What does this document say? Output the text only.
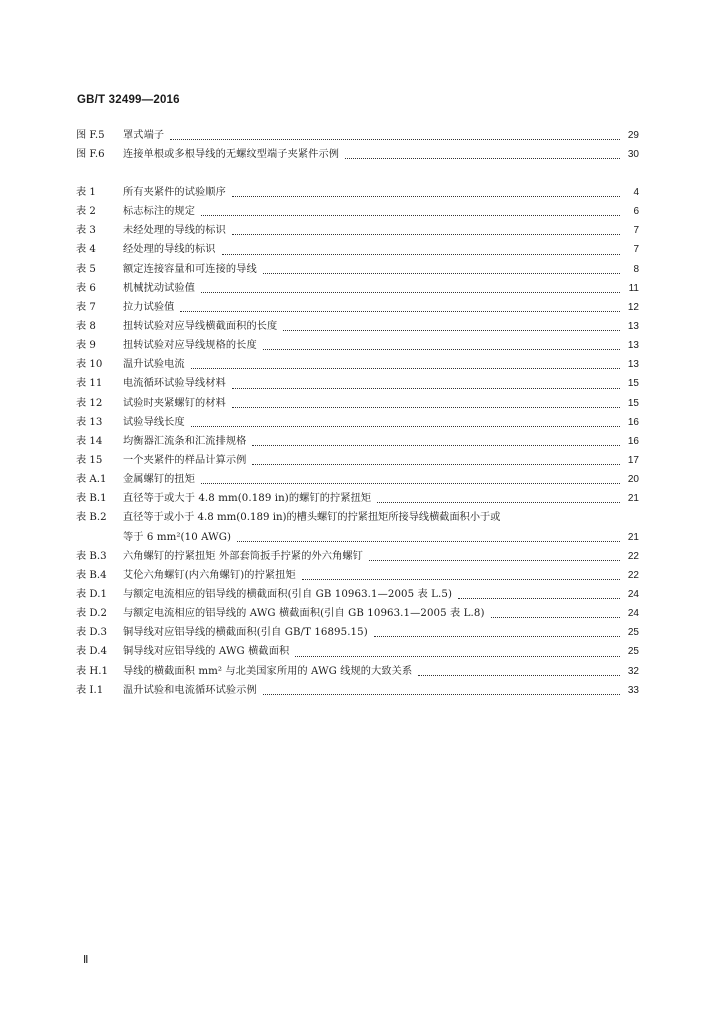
GB/T 32499—2016
图 F.5	罩式端子	29
图 F.6	连接单根或多根导线的无螺纹型端子夹紧件示例	30
表 1	所有夹紧件的试验顺序	4
表 2	标志标注的规定	6
表 3	未经处理的导线的标识	7
表 4	经处理的导线的标识	7
表 5	额定连接容量和可连接的导线	8
表 6	机械扰动试验值	11
表 7	拉力试验值	12
表 8	扭转试验对应导线横截面积的长度	13
表 9	扭转试验对应导线规格的长度	13
表 10	温升试验电流	13
表 11	电流循环试验导线材料	15
表 12	试验时夹紧螺钉的材料	15
表 13	试验导线长度	16
表 14	均衡器汇流条和汇流排规格	16
表 15	一个夹紧件的样品计算示例	17
表 A.1	金属螺钉的扭矩	20
表 B.1	直径等于或大于 4.8 mm(0.189 in)的螺钉的拧紧扭矩	21
表 B.2	直径等于或小于 4.8 mm(0.189 in)的槽头螺钉的拧紧扭矩所接导线横截面积小于或
等于 6 mm²(10 AWG)	21
表 B.3	六角螺钉的拧紧扭矩 外部套筒扳手拧紧的外六角螺钉	22
表 B.4	艾伦六角螺钉(内六角螺钉)的拧紧扭矩	22
表 D.1	与额定电流相应的铝导线的横截面积(引自 GB 10963.1—2005 表 L.5)	24
表 D.2	与额定电流相应的铝导线的 AWG 横截面积(引自 GB 10963.1—2005 表 L.8)	24
表 D.3	铜导线对应铝导线的横截面积(引自 GB/T 16895.15)	25
表 D.4	铜导线对应铝导线的 AWG 横截面积	25
表 H.1	导线的横截面积 mm² 与北美国家所用的 AWG 线规的大致关系	32
表 I.1	温升试验和电流循环试验示例	33
Ⅱ
